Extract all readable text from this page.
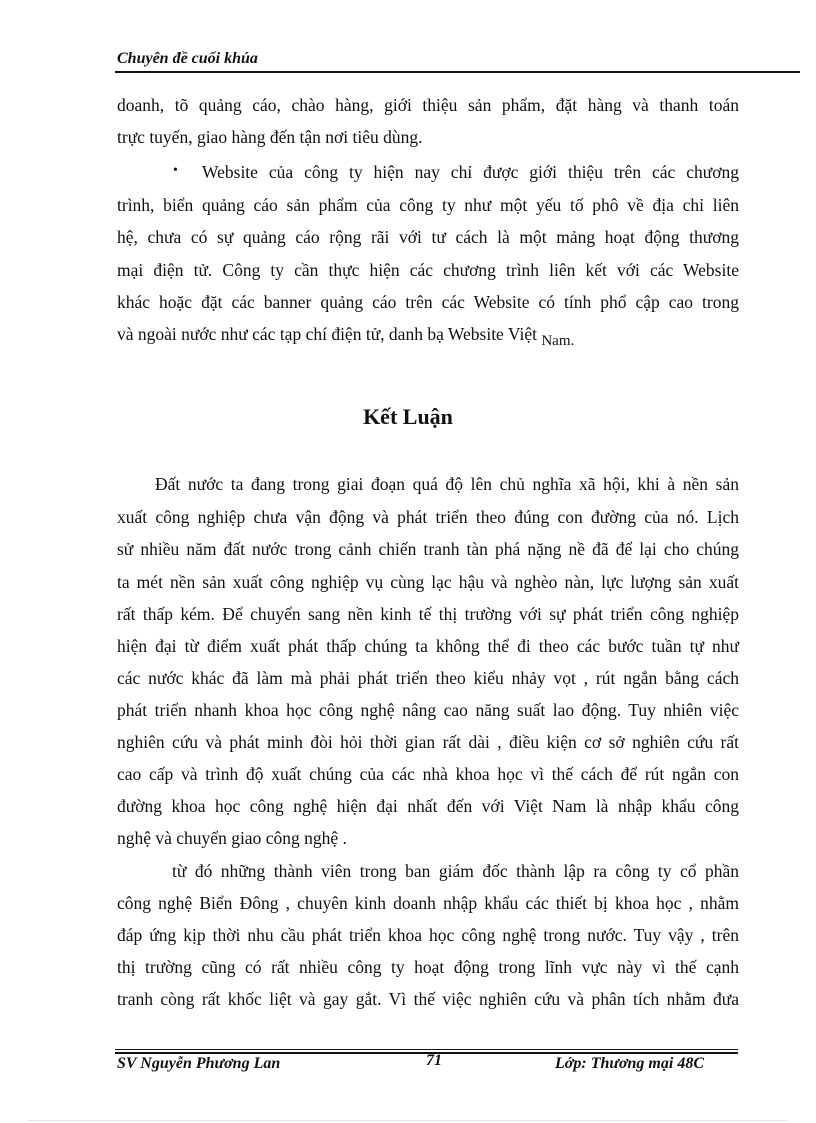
Chuyên đề cuối khúa
doanh, tõ quảng cáo, chào hàng, giới thiệu sản phẩm, đặt hàng và thanh toán
trực tuyến, giao hàng đến tận nơi tiêu dùng.
• Website của công ty hiện nay chỉ được giới thiệu trên các chương
trình, biển quảng cáo sản phẩm của công ty như một yếu tố phô về địa chỉ liên
hệ, chưa có sự quảng cáo rộng rãi với tư cách là một mảng hoạt động thương
mại điện tử. Công ty cần thực hiện các chương trình liên kết với các Website
khác hoặc đặt các banner quảng cáo trên các Website có tính phổ cập cao trong
và ngoài nước như các tạp chí điện tử, danh bạ Website Việt Nam.
Kết Luận
Đất nước ta đang trong giai đoạn quá độ lên chủ nghĩa xã hội, khi à nền sản
xuất công nghiệp chưa vận động và phát triển theo đúng con đường của nó. Lịch
sử nhiều năm đất nước trong cảnh chiến tranh tàn phá nặng nề đã để lại cho chúng
ta mét nền sản xuất công nghiệp vụ cùng lạc hậu và nghèo nàn, lực lượng sản xuất
rất thấp kém. Để chuyển sang nền kinh tế thị trường với sự phát triển công nghiệp
hiện đại từ điểm xuất phát thấp chúng ta không thể đi theo các bước tuần tự như
các nước khác đã làm mà phải phát triển theo kiểu nhảy vọt , rút ngắn bằng cách
phát triển nhanh khoa học công nghệ nâng cao năng suất lao động. Tuy nhiên việc
nghiên cứu và phát minh đòi hỏi thời gian rất dài , điều kiện cơ sở nghiên cứu rất
cao cấp và trình độ xuất chúng của các nhà khoa học vì thế cách để rút ngắn con
đường khoa học công nghệ hiện đại nhất đến với Việt Nam là nhập khẩu công
nghệ và chuyển giao công nghệ .
từ đó những thành viên trong ban giám đốc thành lập ra công ty cổ phần
công nghệ Biển Đông , chuyên kinh doanh nhập khẩu các thiết bị khoa học , nhằm
đáp ứng kịp thời nhu cầu phát triển khoa học công nghệ trong nước. Tuy vậy , trên
thị trường cũng có rất nhiều công ty hoạt động trong lĩnh vực này vì thế cạnh
tranh còng rất khốc liệt và gay gắt. Vì thế việc nghiên cứu và phân tích nhằm đưa
SV Nguyễn Phương Lan	71	Lớp: Thương mại 48C
